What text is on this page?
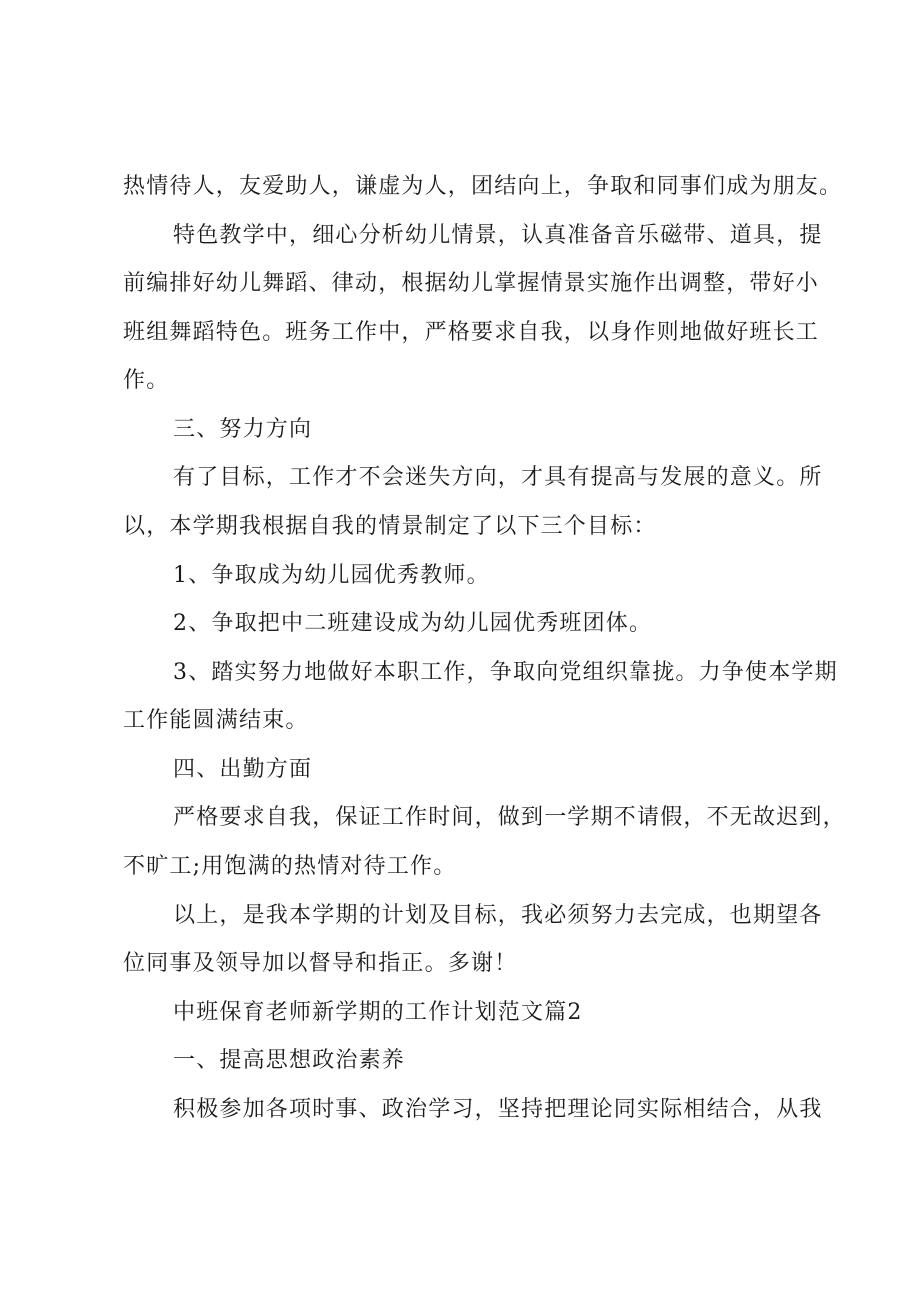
热情待人，友爱助人，谦虚为人，团结向上，争取和同事们成为朋友。
特色教学中，细心分析幼儿情景，认真准备音乐磁带、道具，提
前编排好幼儿舞蹈、律动，根据幼儿掌握情景实施作出调整，带好小
班组舞蹈特色。班务工作中，严格要求自我，以身作则地做好班长工
作。
三、努力方向
有了目标，工作才不会迷失方向，才具有提高与发展的意义。所
以，本学期我根据自我的情景制定了以下三个目标：
1、争取成为幼儿园优秀教师。
2、争取把中二班建设成为幼儿园优秀班团体。
3、踏实努力地做好本职工作，争取向党组织靠拢。力争使本学期
工作能圆满结束。
四、出勤方面
严格要求自我，保证工作时间，做到一学期不请假，不无故迟到，
不旷工;用饱满的热情对待工作。
以上，是我本学期的计划及目标，我必须努力去完成，也期望各
位同事及领导加以督导和指正。多谢！
中班保育老师新学期的工作计划范文篇2
一、提高思想政治素养
积极参加各项时事、政治学习，坚持把理论同实际相结合，从我
